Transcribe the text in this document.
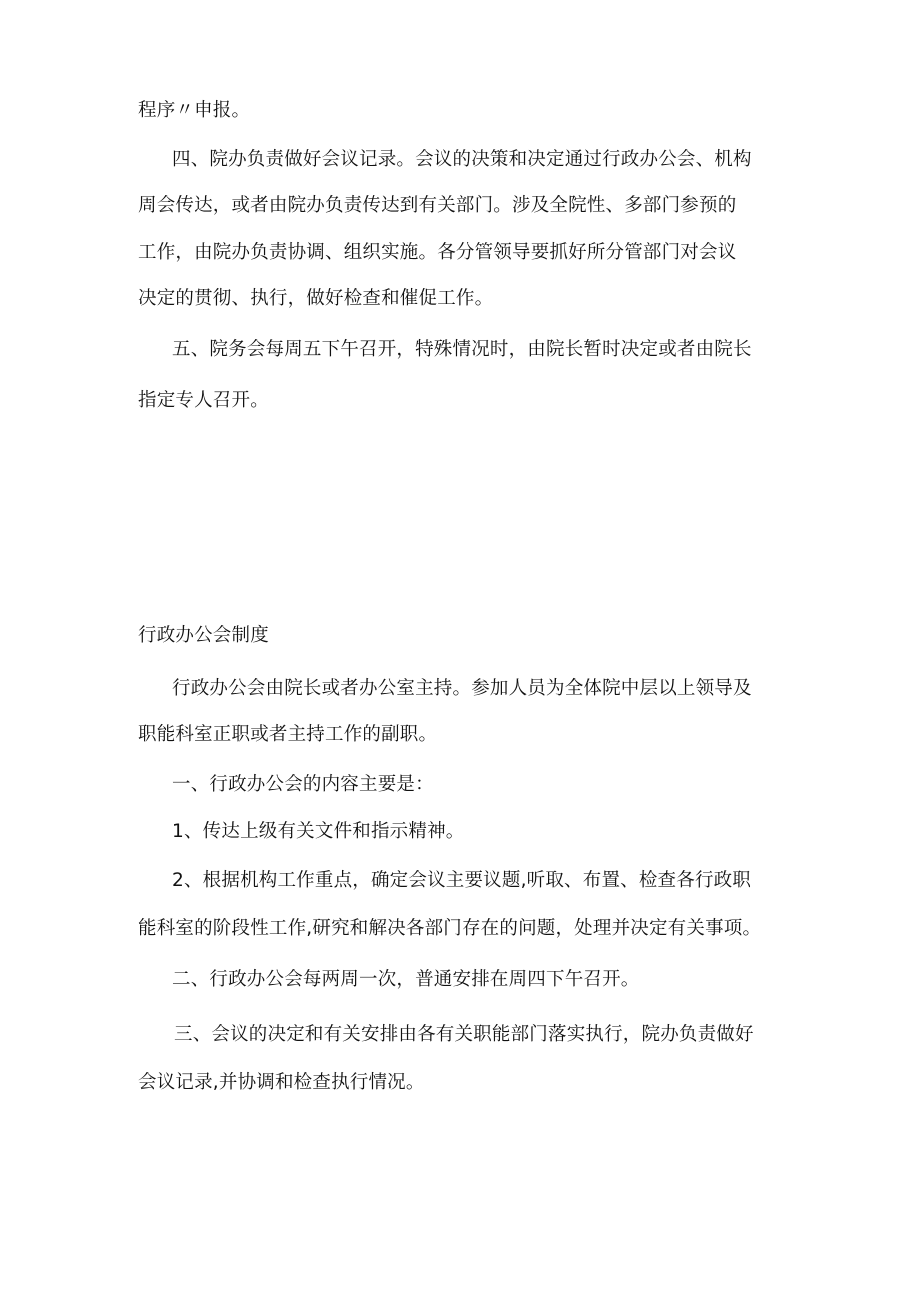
程序〃申报。
四、院办负责做好会议记录。会议的决策和决定通过行政办公会、机构
周会传达，或者由院办负责传达到有关部门。涉及全院性、多部门参预的
工作，由院办负责协调、组织实施。各分管领导要抓好所分管部门对会议
决定的贯彻、执行，做好检查和催促工作。
五、院务会每周五下午召开，特殊情况时，由院长暂时决定或者由院长
指定专人召开。
行政办公会制度
行政办公会由院长或者办公室主持。参加人员为全体院中层以上领导及
职能科室正职或者主持工作的副职。
一、行政办公会的内容主要是：
1、传达上级有关文件和指示精神。
2、根据机构工作重点，确定会议主要议题,听取、布置、检查各行政职
能科室的阶段性工作,研究和解决各部门存在的问题，处理并决定有关事项。
二、行政办公会每两周一次，普通安排在周四下午召开。
三、会议的决定和有关安排由各有关职能部门落实执行，院办负责做好
会议记录,并协调和检查执行情况。
